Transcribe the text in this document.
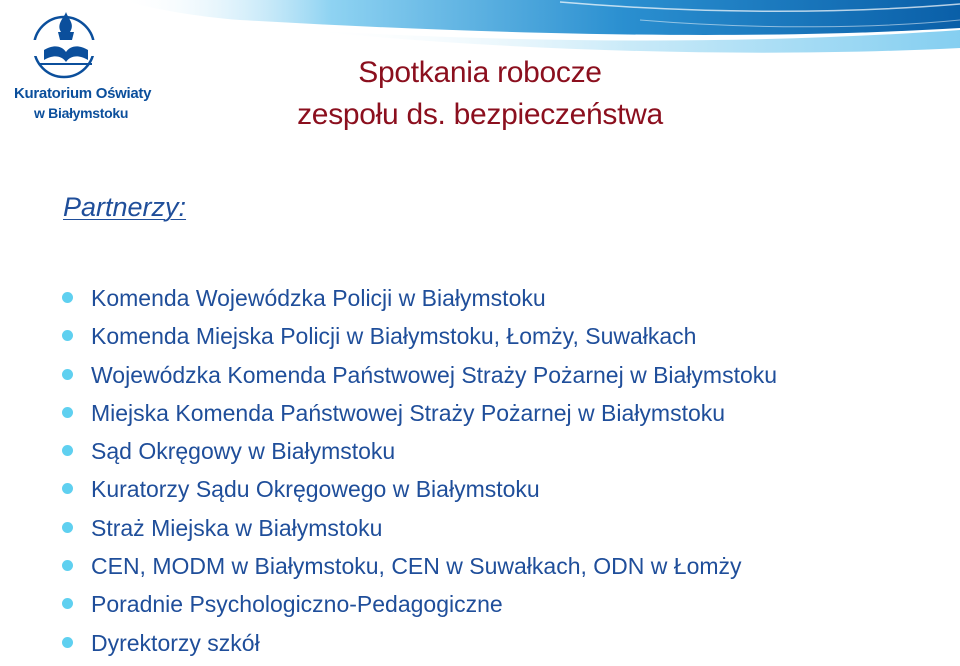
Kuratorium Oświaty
w Białymstoku
Spotkania robocze
zespołu ds. bezpieczeństwa
Partnerzy:
Komenda Wojewódzka Policji w Białymstoku
Komenda Miejska Policji w Białymstoku, Łomży, Suwałkach
Wojewódzka Komenda Państwowej Straży Pożarnej w Białymstoku
Miejska Komenda Państwowej Straży Pożarnej w Białymstoku
Sąd Okręgowy w Białymstoku
Kuratorzy Sądu Okręgowego w Białymstoku
Straż Miejska w Białymstoku
CEN, MODM w Białymstoku, CEN w Suwałkach, ODN w Łomży
Poradnie Psychologiczno-Pedagogiczne
Dyrektorzy szkół
